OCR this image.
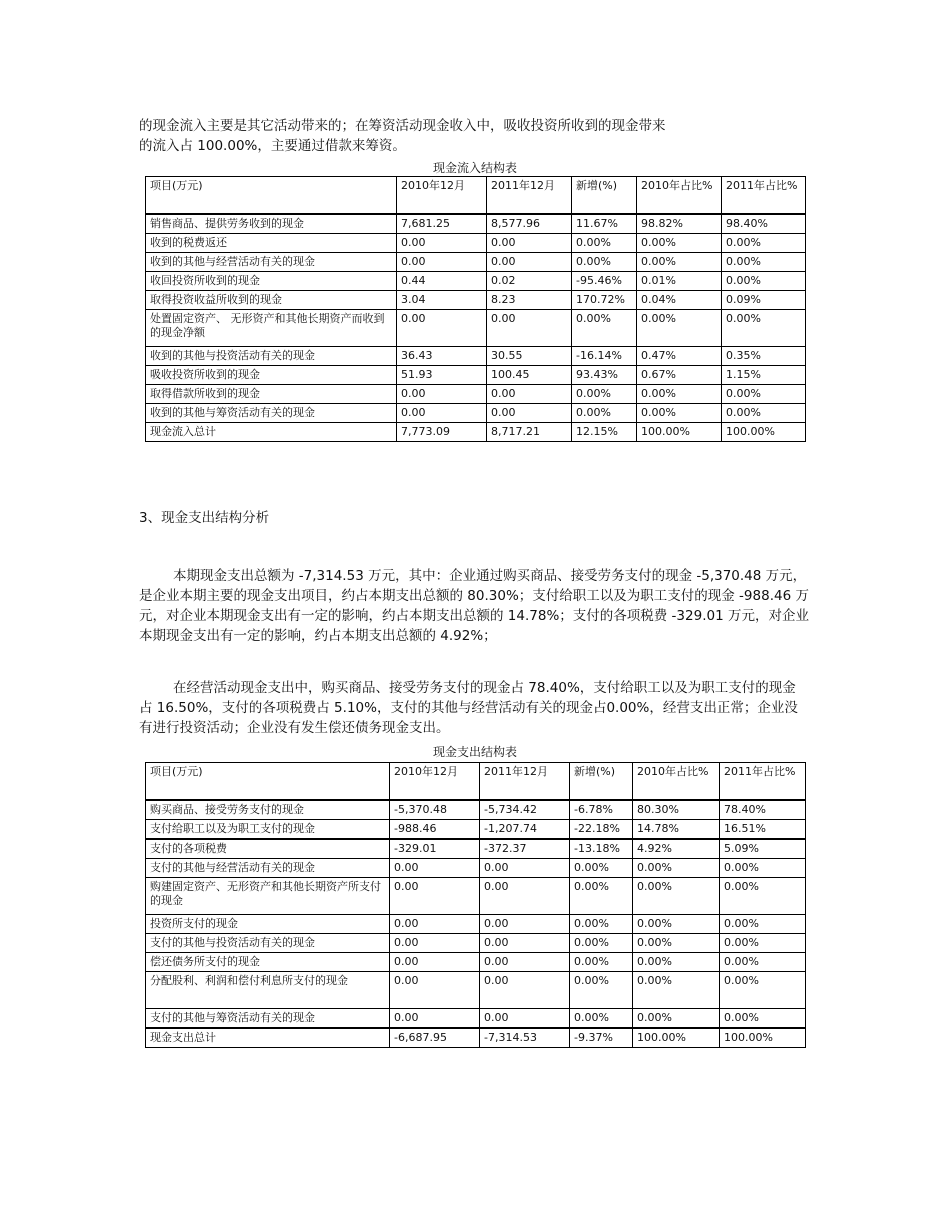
的现金流入主要是其它活动带来的；在筹资活动现金收入中，吸收投资所收到的现金带来

的流入占 100.00%，主要通过借款来筹资。

现金流入结构表
项目(万元)	2010年12月	2011年12月	新增(%)	2010年占比%	2011年占比%
销售商品、提供劳务收到的现金	7,681.25	8,577.96	11.67%	98.82%	98.40%
收到的税费返还	0.00	0.00	0.00%	0.00%	0.00%
收到的其他与经营活动有关的现金	0.00	0.00	0.00%	0.00%	0.00%
收回投资所收到的现金	0.44	0.02	-95.46%	0.01%	0.00%
取得投资收益所收到的现金	3.04	8.23	170.72%	0.04%	0.09%
处置固定资产、 无形资产和其他长期资产而收到的现金净额	0.00	0.00	0.00%	0.00%	0.00%
收到的其他与投资活动有关的现金	36.43	30.55	-16.14%	0.47%	0.35%
吸收投资所收到的现金	51.93	100.45	93.43%	0.67%	1.15%
取得借款所收到的现金	0.00	0.00	0.00%	0.00%	0.00%
收到的其他与筹资活动有关的现金	0.00	0.00	0.00%	0.00%	0.00%
现金流入总计	7,773.09	8,717.21	12.15%	100.00%	100.00%
3、现金支出结构分析

本期现金支出总额为 -7,314.53 万元，其中：企业通过购买商品、接受劳务支付的现金 -5,370.48 万元，是企业本期主要的现金支出项目，约占本期支出总额的 80.30%；支付给职工以及为职工支付的现金 -988.46 万元，对企业本期现金支出有一定的影响，约占本期支出总额的 14.78%；支付的各项税费 -329.01 万元，对企业本期现金支出有一定的影响，约占本期支出总额的 4.92%；

在经营活动现金支出中，购买商品、接受劳务支付的现金占 78.40%，支付给职工以及为职工支付的现金占 16.50%，支付的各项税费占 5.10%，支付的其他与经营活动有关的现金占0.00%，经营支出正常；企业没有进行投资活动；企业没有发生偿还债务现金支出。

现金支出结构表
项目(万元)	2010年12月	2011年12月	新增(%)	2010年占比%	2011年占比%
购买商品、接受劳务支付的现金	-5,370.48	-5,734.42	-6.78%	80.30%	78.40%
支付给职工以及为职工支付的现金	-988.46	-1,207.74	-22.18%	14.78%	16.51%
支付的各项税费	-329.01	-372.37	-13.18%	4.92%	5.09%
支付的其他与经营活动有关的现金	0.00	0.00	0.00%	0.00%	0.00%
购建固定资产、无形资产和其他长期资产所支付的现金	0.00	0.00	0.00%	0.00%	0.00%
投资所支付的现金	0.00	0.00	0.00%	0.00%	0.00%
支付的其他与投资活动有关的现金	0.00	0.00	0.00%	0.00%	0.00%
偿还债务所支付的现金	0.00	0.00	0.00%	0.00%	0.00%
分配股利、利润和偿付利息所支付的现金	0.00	0.00	0.00%	0.00%	0.00%
支付的其他与筹资活动有关的现金	0.00	0.00	0.00%	0.00%	0.00%
现金支出总计	-6,687.95	-7,314.53	-9.37%	100.00%	100.00%
